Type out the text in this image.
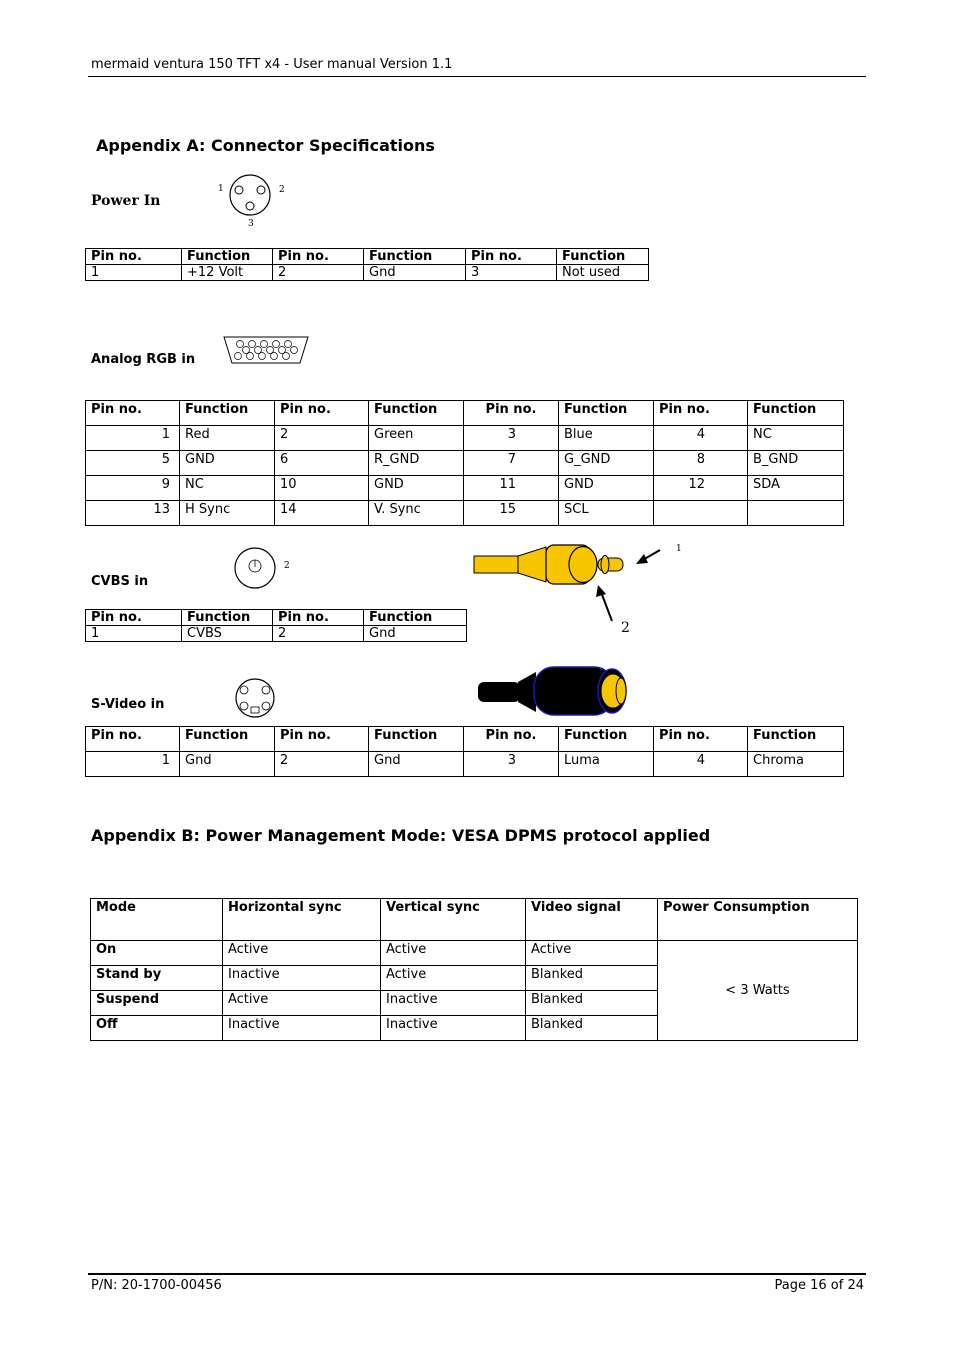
mermaid ventura 150 TFT x4 - User manual Version 1.1
Appendix A: Connector Specifications
Power In
1	2
3
Pin no.	Function	Pin no.	Function	Pin no.	Function
1	+12 Volt	2	Gnd	3	Not used
Analog RGB in
Pin no.	Function	Pin no.	Function	Pin no.	Function	Pin no.	Function
1	Red	2	Green	3	Blue	4	NC
5	GND	6	R_GND	7	G_GND	8	B_GND
9	NC	10	GND	11	GND	12	SDA
13	H Sync	14	V. Sync	15	SCL		
CVBS in
2
1
2
Pin no.	Function	Pin no.	Function
1	CVBS	2	Gnd
S-Video in
Pin no.	Function	Pin no.	Function	Pin no.	Function	Pin no.	Function
1	Gnd	2	Gnd	3	Luma	4	Chroma
Appendix B: Power Management Mode: VESA DPMS protocol applied
Mode	Horizontal sync	Vertical sync	Video signal	Power Consumption
On	Active	Active	Active	< 3 Watts
Stand by	Inactive	Active	Blanked	
Suspend	Active	Inactive	Blanked	
Off	Inactive	Inactive	Blanked	
P/N: 20-1700-00456	Page 16 of 24
